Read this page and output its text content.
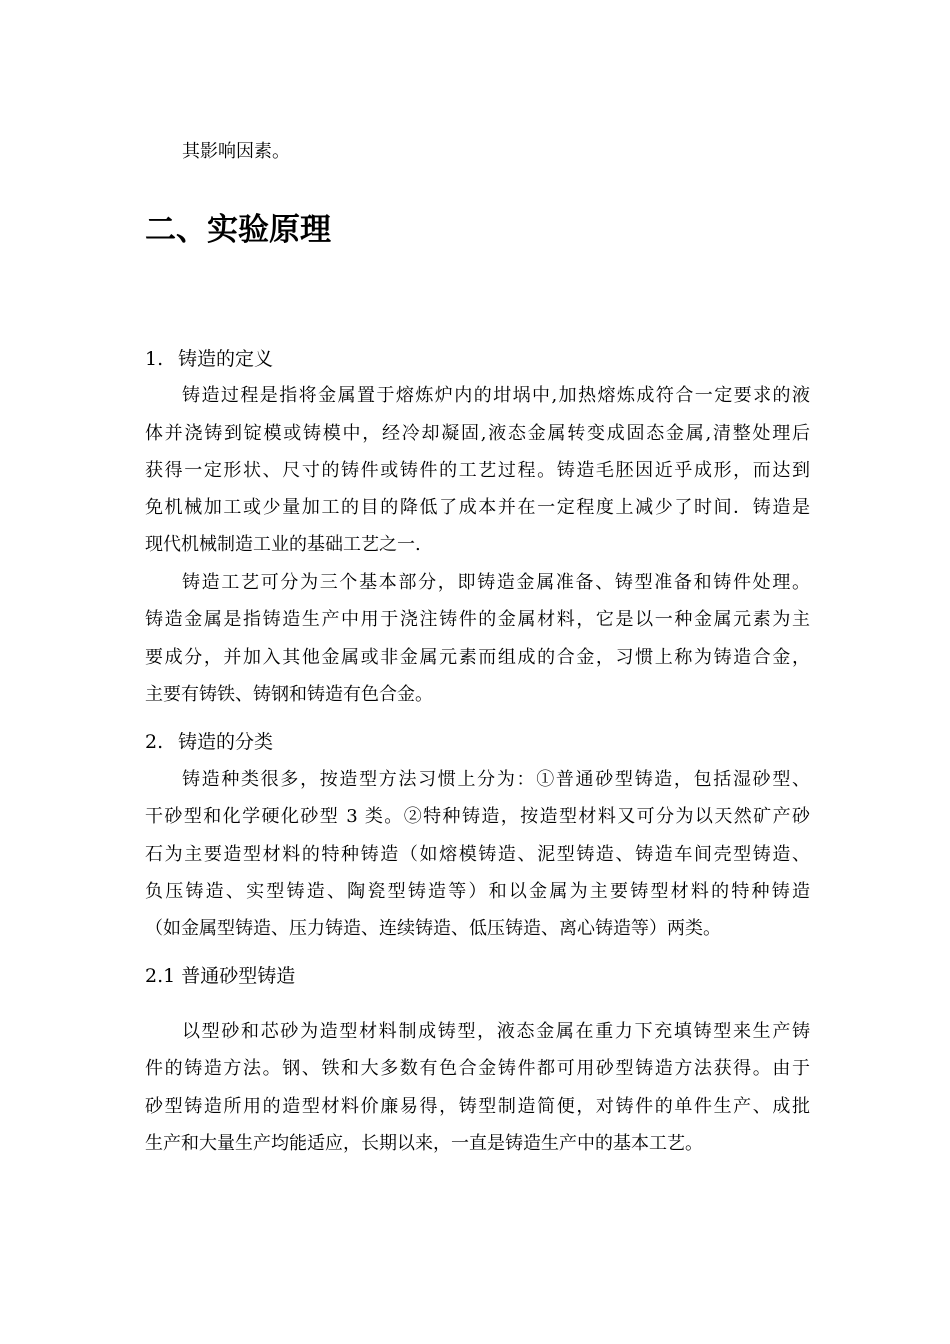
其影响因素。
二、实验原理
1. 铸造的定义
铸造过程是指将金属置于熔炼炉内的坩埚中,加热熔炼成符合一定要求的液
体并浇铸到锭模或铸模中，经冷却凝固,液态金属转变成固态金属,清整处理后
获得一定形状、尺寸的铸件或铸件的工艺过程。铸造毛胚因近乎成形，而达到
免机械加工或少量加工的目的降低了成本并在一定程度上减少了时间．铸造是
现代机械制造工业的基础工艺之一.
铸造工艺可分为三个基本部分，即铸造金属准备、铸型准备和铸件处理。
铸造金属是指铸造生产中用于浇注铸件的金属材料，它是以一种金属元素为主
要成分，并加入其他金属或非金属元素而组成的合金，习惯上称为铸造合金，
主要有铸铁、铸钢和铸造有色合金。
2. 铸造的分类
铸造种类很多，按造型方法习惯上分为：①普通砂型铸造，包括湿砂型、
干砂型和化学硬化砂型 3 类。②特种铸造，按造型材料又可分为以天然矿产砂
石为主要造型材料的特种铸造（如熔模铸造、泥型铸造、铸造车间壳型铸造、
负压铸造、实型铸造、陶瓷型铸造等）和以金属为主要铸型材料的特种铸造
（如金属型铸造、压力铸造、连续铸造、低压铸造、离心铸造等）两类。
2.1 普通砂型铸造
以型砂和芯砂为造型材料制成铸型，液态金属在重力下充填铸型来生产铸
件的铸造方法。钢、铁和大多数有色合金铸件都可用砂型铸造方法获得。由于
砂型铸造所用的造型材料价廉易得，铸型制造简便，对铸件的单件生产、成批
生产和大量生产均能适应，长期以来，一直是铸造生产中的基本工艺。
